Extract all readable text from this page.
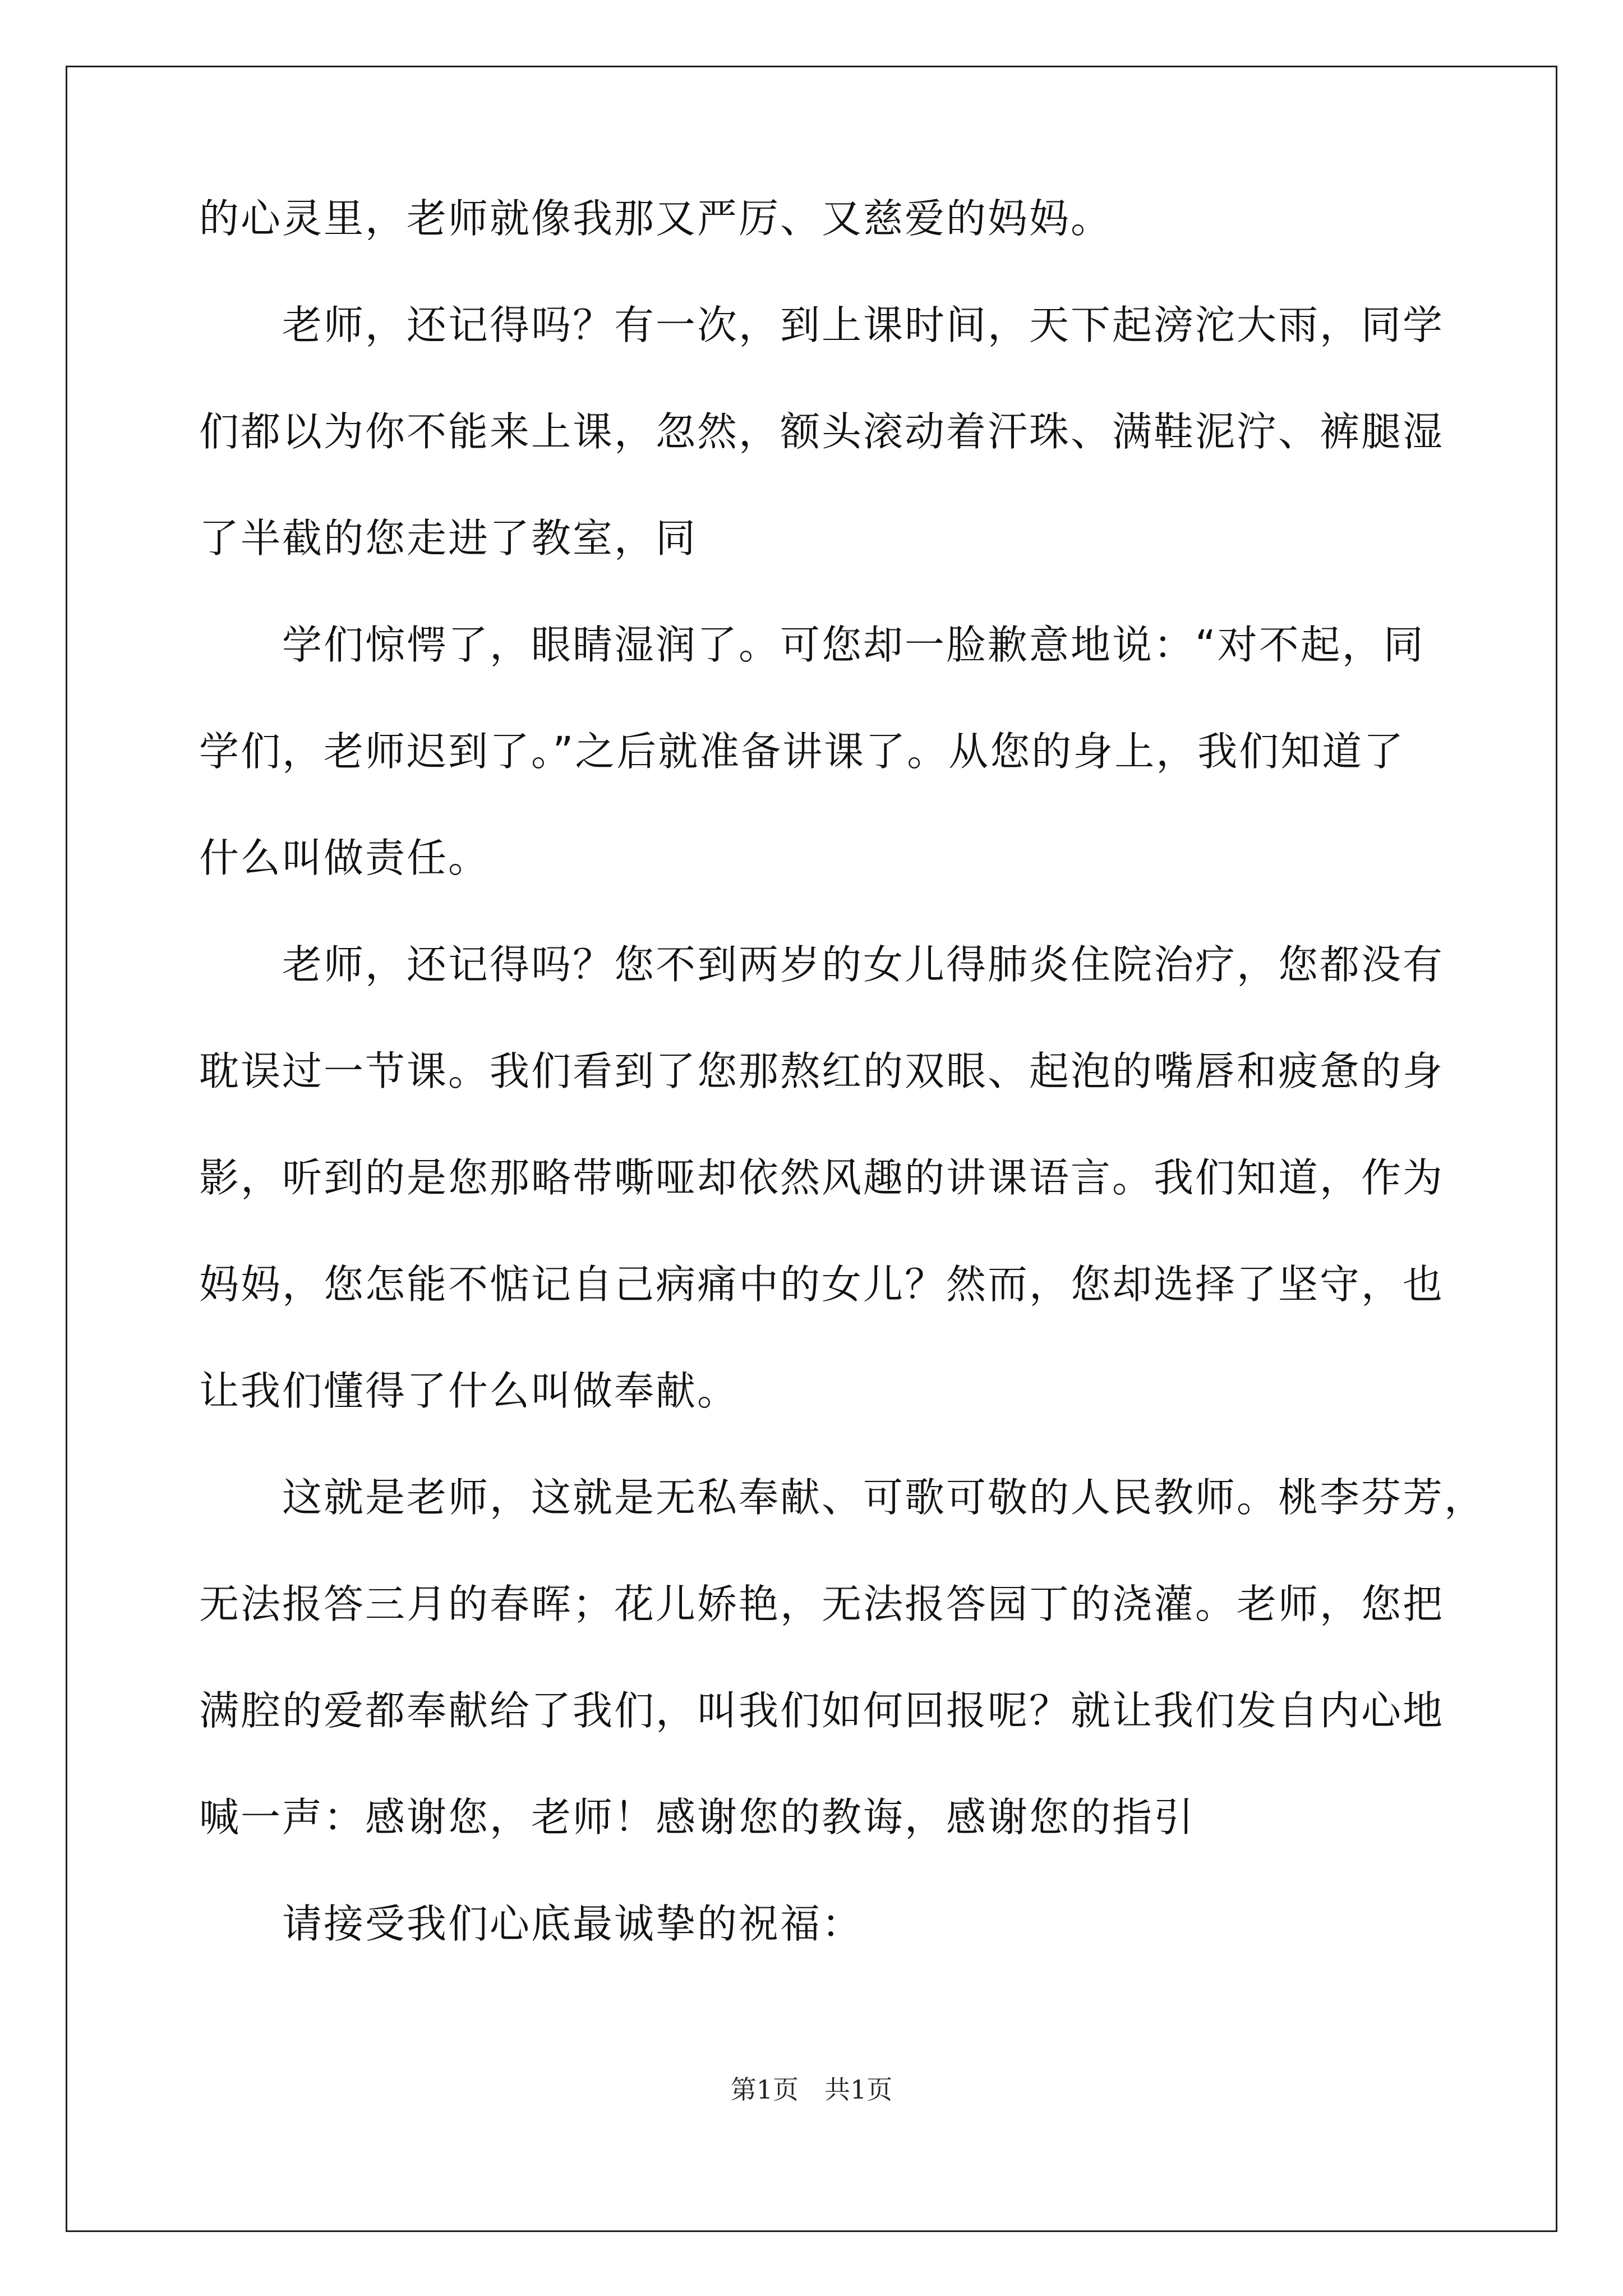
的心灵里，老师就像我那又严厉、又慈爱的妈妈。
老师，还记得吗？有一次，到上课时间，天下起滂沱大雨，同学
们都以为你不能来上课，忽然，额头滚动着汗珠、满鞋泥泞、裤腿湿
了半截的您走进了教室，同
学们惊愕了，眼睛湿润了。可您却一脸歉意地说：“对不起，同
学们，老师迟到了。”之后就准备讲课了。从您的身上，我们知道了
什么叫做责任。
老师，还记得吗？您不到两岁的女儿得肺炎住院治疗，您都没有
耽误过一节课。我们看到了您那熬红的双眼、起泡的嘴唇和疲惫的身
影，听到的是您那略带嘶哑却依然风趣的讲课语言。我们知道，作为
妈妈，您怎能不惦记自己病痛中的女儿？然而，您却选择了坚守，也
让我们懂得了什么叫做奉献。
这就是老师，这就是无私奉献、可歌可敬的人民教师。桃李芬芳，
无法报答三月的春晖；花儿娇艳，无法报答园丁的浇灌。老师，您把
满腔的爱都奉献给了我们，叫我们如何回报呢？就让我们发自内心地
喊一声：感谢您，老师！感谢您的教诲，感谢您的指引
请接受我们心底最诚挚的祝福：
第1页　共1页
